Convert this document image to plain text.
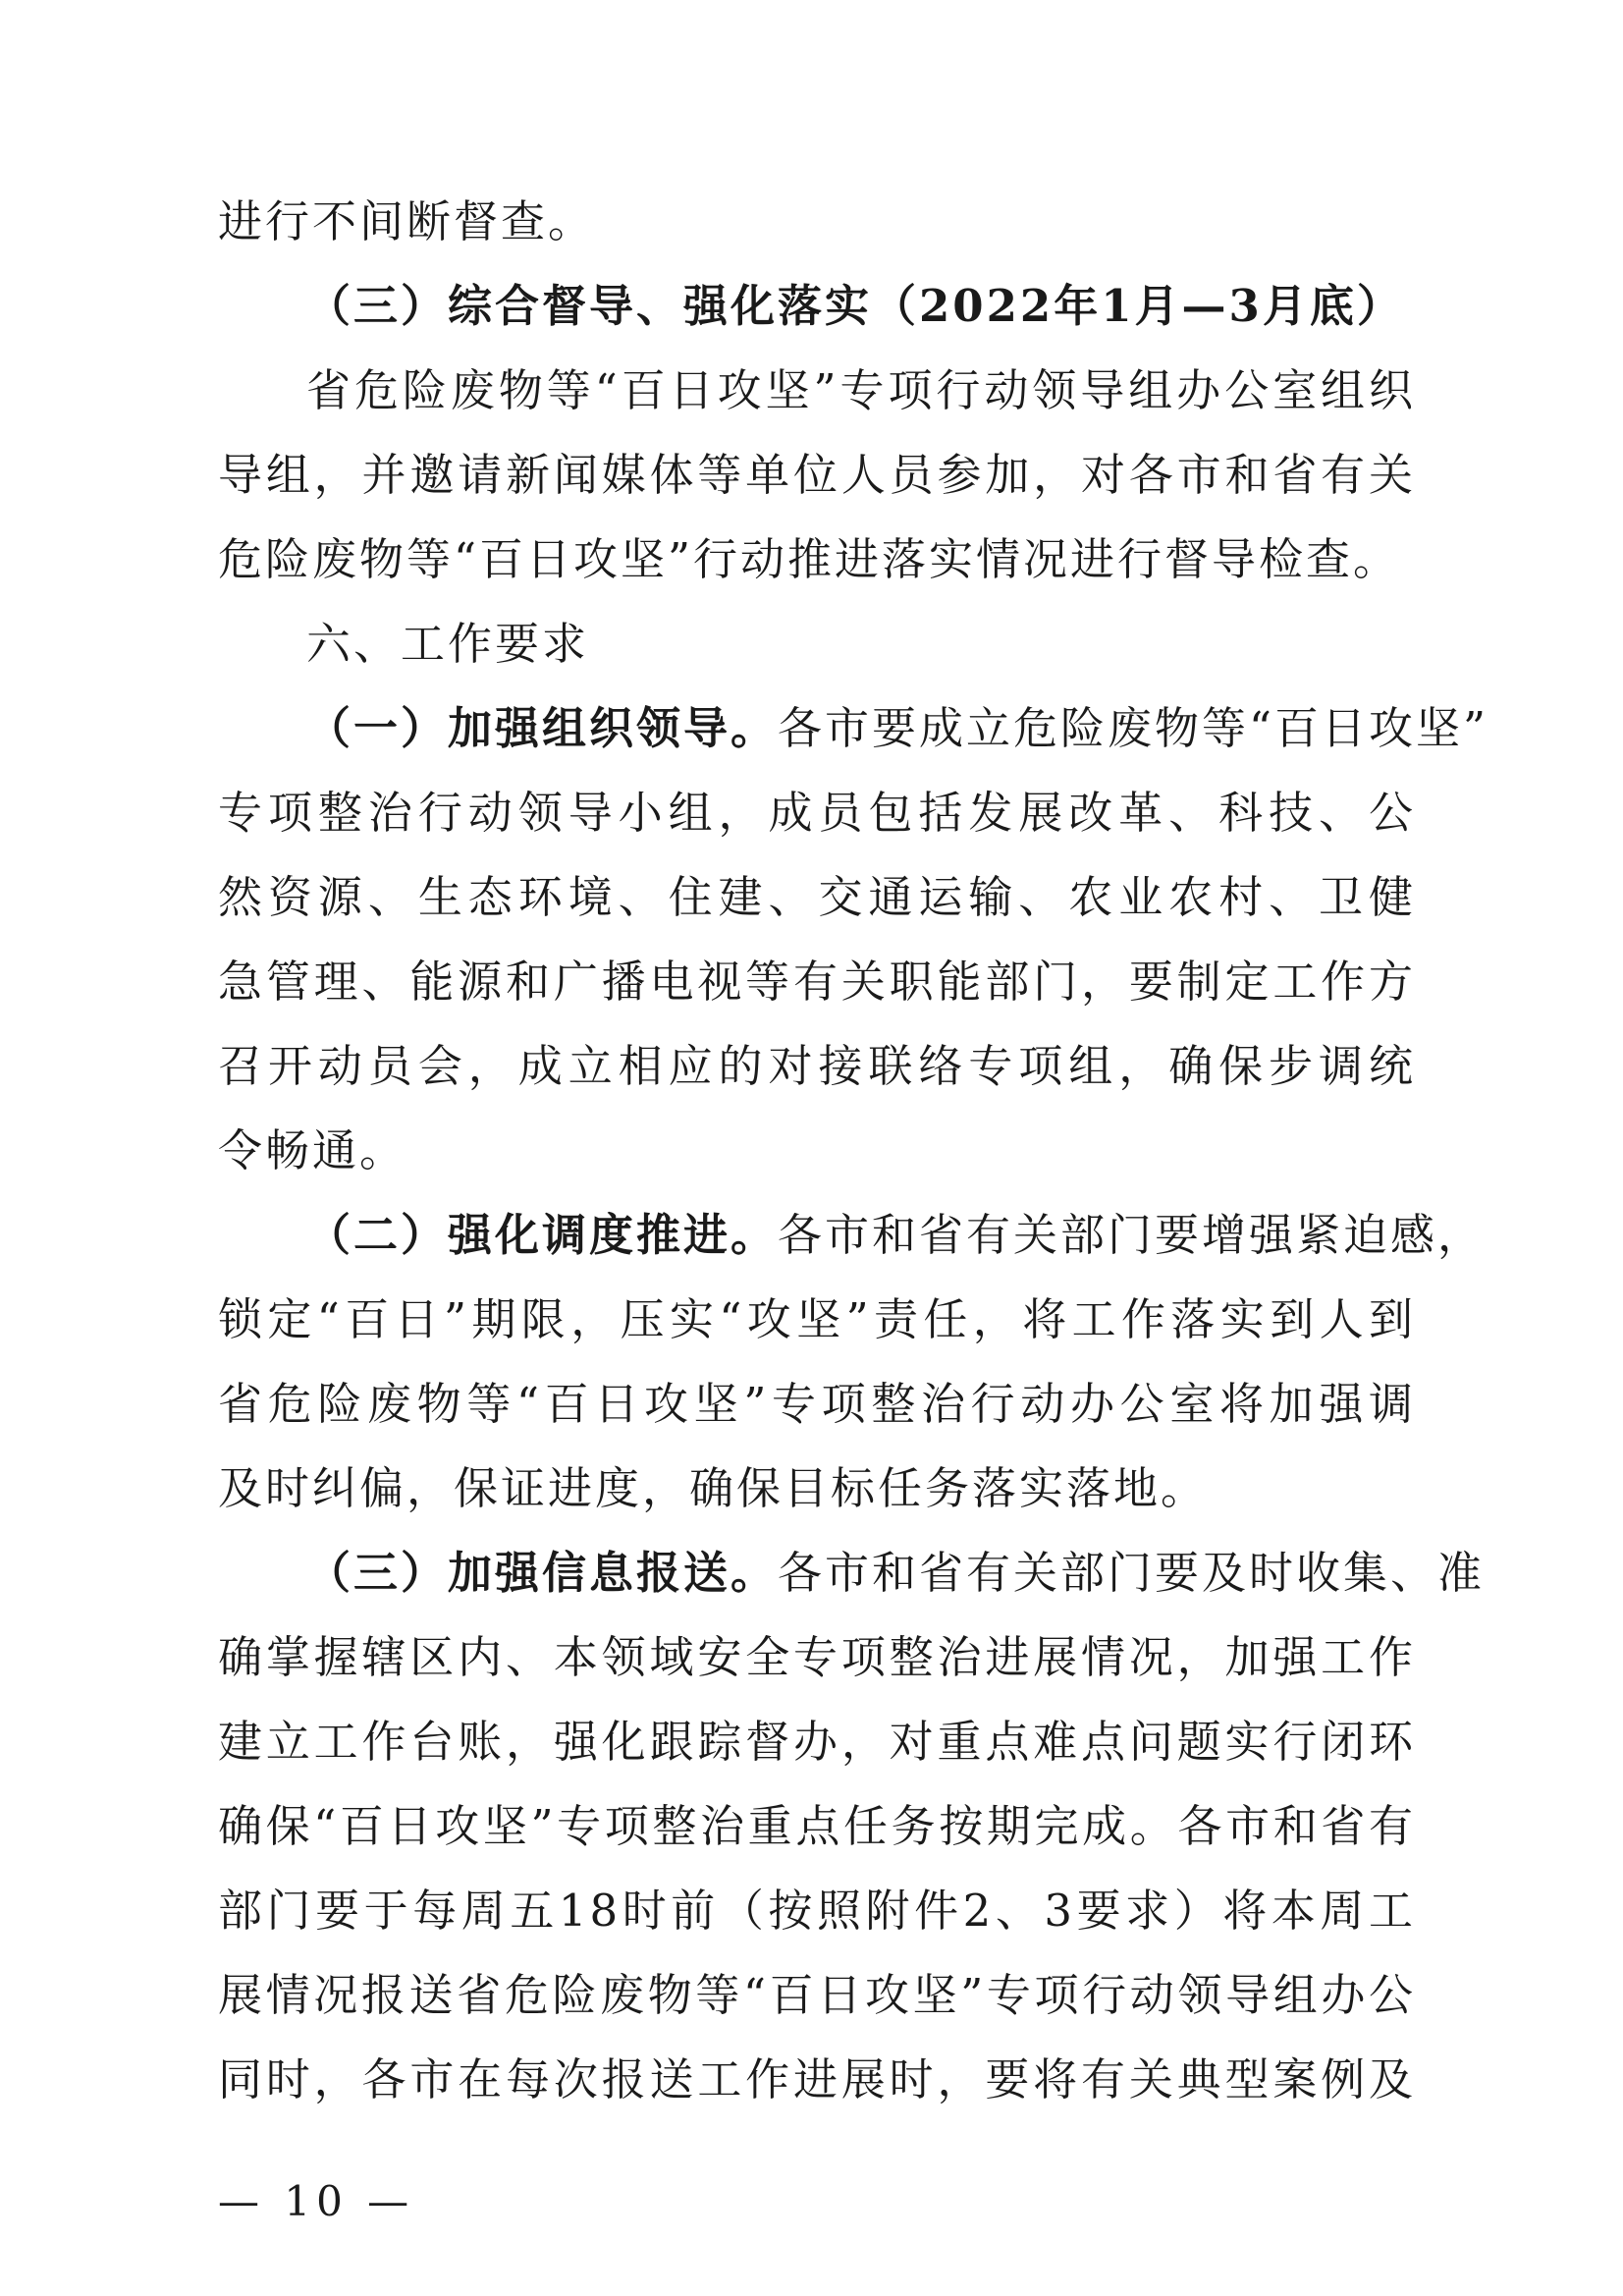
进行不间断督查。
（三）综合督导、强化落实（2022年1月—3月底）
省危险废物等“百日攻坚”专项行动领导组办公室组织
导组，并邀请新闻媒体等单位人员参加，对各市和省有关
危险废物等“百日攻坚”行动推进落实情况进行督导检查。
六、工作要求
（一）加强组织领导。各市要成立危险废物等“百日攻坚”
专项整治行动领导小组，成员包括发展改革、科技、公
然资源、生态环境、住建、交通运输、农业农村、卫健
急管理、能源和广播电视等有关职能部门，要制定工作方
召开动员会，成立相应的对接联络专项组，确保步调统
令畅通。
（二）强化调度推进。各市和省有关部门要增强紧迫感，
锁定“百日”期限，压实“攻坚”责任，将工作落实到人到
省危险废物等“百日攻坚”专项整治行动办公室将加强调
及时纠偏，保证进度，确保目标任务落实落地。
（三）加强信息报送。各市和省有关部门要及时收集、准
确掌握辖区内、本领域安全专项整治进展情况，加强工作
建立工作台账，强化跟踪督办，对重点难点问题实行闭环
确保“百日攻坚”专项整治重点任务按期完成。各市和省有
部门要于每周五18时前（按照附件2、3要求）将本周工
展情况报送省危险废物等“百日攻坚”专项行动领导组办公
同时，各市在每次报送工作进展时，要将有关典型案例及
— 10 —
